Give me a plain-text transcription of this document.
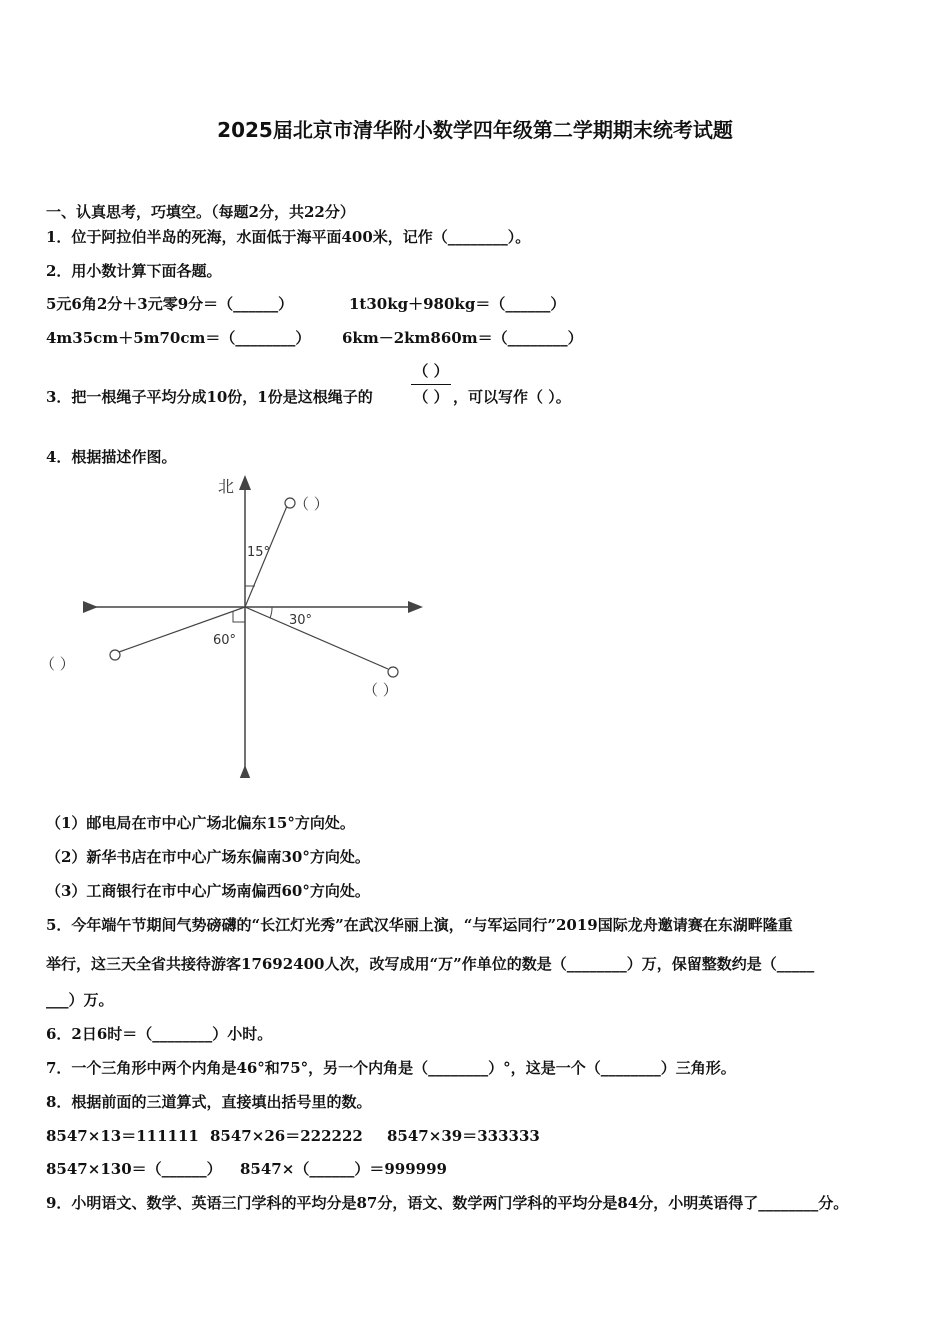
2025届北京市清华附小数学四年级第二学期期末统考试题
一、认真思考，巧填空。（每题2分，共22分）
1．位于阿拉伯半岛的死海，水面低于海平面400米，记作（________）。
2．用小数计算下面各题。
5元6角2分＋3元零9分＝（______）	1t30kg＋980kg＝（______）
4m35cm＋5m70cm＝（________） 6km－2km860m＝（________）
3．把一根绳子平均分成10份，1份是这根绳子的
（ ）
（ ） ，可以写作（ ）。
4．根据描述作图。
北
15°
30°
60°
（ ）
（ ）
（ ）
（1）邮电局在市中心广场北偏东15°方向处。
（2）新华书店在市中心广场东偏南30°方向处。
（3）工商银行在市中心广场南偏西60°方向处。
5．今年端午节期间气势磅礴的“长江灯光秀”在武汉华丽上演，“与军运同行”2019国际龙舟邀请赛在东湖畔隆重
举行，这三天全省共接待游客17692400人次，改写成用“万”作单位的数是（________）万，保留整数约是（_____
___）万。
6．2日6时＝（________）小时。
7．一个三角形中两个内角是46°和75°，另一个内角是（________）°，这是一个（________）三角形。
8．根据前面的三道算式，直接填出括号里的数。
8547×13＝111111 8547×26＝222222 8547×39＝333333
8547×130＝（______） 8547×（______）＝999999
9．小明语文、数学、英语三门学科的平均分是87分，语文、数学两门学科的平均分是84分，小明英语得了________分。
